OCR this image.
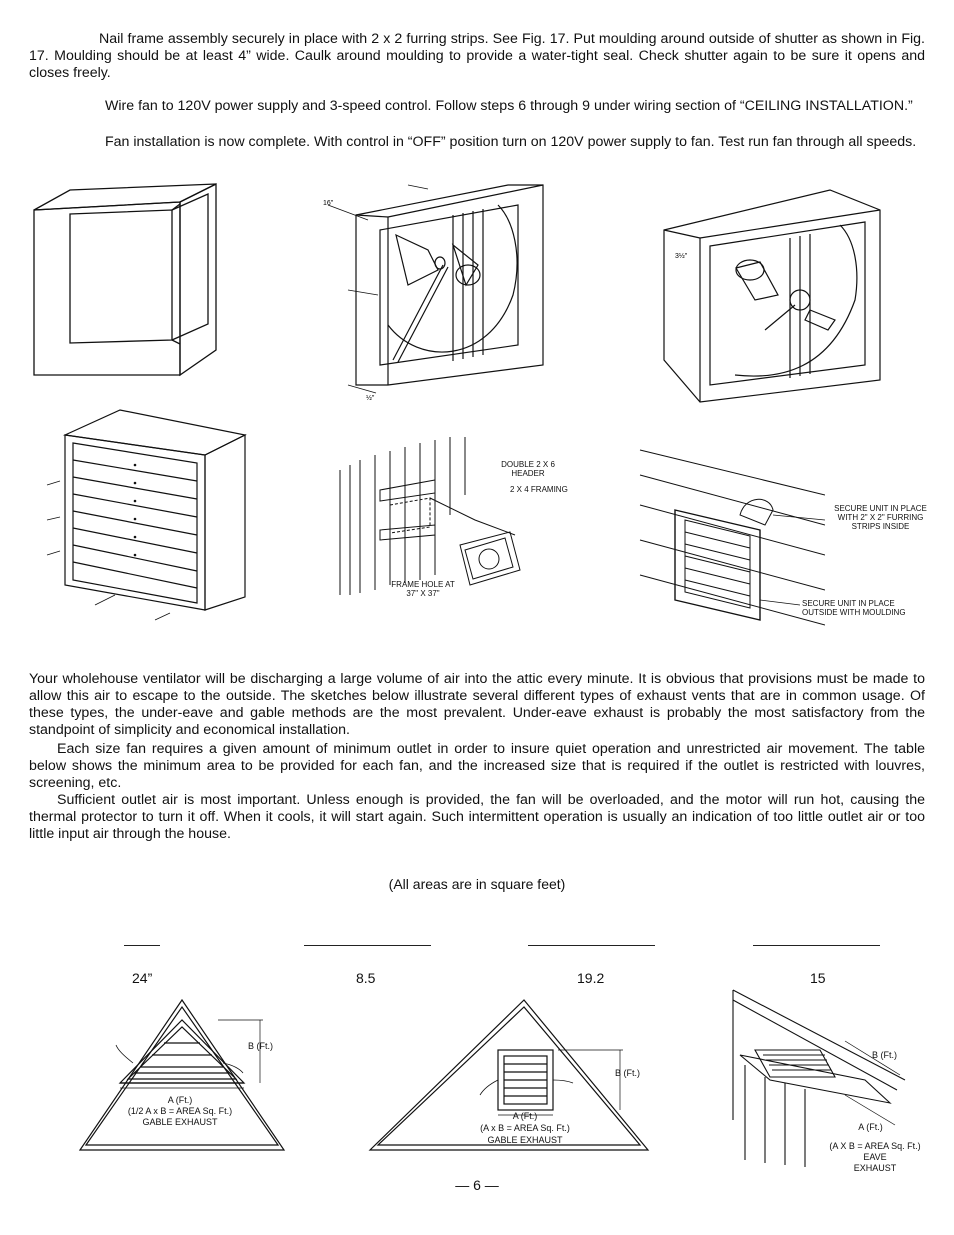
Nail frame assembly securely in place with 2 x 2 furring strips. See Fig. 17. Put moulding around outside of shutter as shown in Fig. 17. Moulding should be at least 4” wide. Caulk around moulding to provide a water-tight seal. Check shutter again to be sure it opens and closes freely.
Wire fan to 120V power supply and 3-speed control. Follow steps 6 through 9 under wiring section of “CEILING INSTALLATION.”
Fan installation is now complete. With control in “OFF” position turn on 120V power supply to fan. Test run fan through all speeds.
16"
½"
3½"
DOUBLE 2 X 6 HEADER
2 X 4 FRAMING
FRAME HOLE AT 37" X 37"
SECURE UNIT IN PLACE WITH 2" X 2" FURRING STRIPS INSIDE
SECURE UNIT IN PLACE OUTSIDE WITH MOULDING
Your wholehouse ventilator will be discharging a large volume of air into the attic every minute. It is obvious that provisions must be made to allow this air to escape to the outside. The sketches below illustrate several different types of exhaust vents that are in common usage. Of these types, the under-eave and gable methods are the most prevalent. Under-eave exhaust is probably the most satisfactory from the standpoint of simplicity and economical installation.
Each size fan requires a given amount of minimum outlet in order to insure quiet operation and unrestricted air movement. The table below shows the minimum area to be provided for each fan, and the increased size that is required if the outlet is restricted with louvres, screening, etc.
Sufficient outlet air is most important. Unless enough is provided, the fan will be overloaded, and the motor will run hot, causing the thermal protector to turn it off. When it cools, it will start again. Such intermittent operation is usually an indication of too little outlet air or too little input air through the house.
(All areas are in square feet)
24”	8.5	19.2	15
B (Ft.)
A (Ft.)
(1/2 A x B = AREA Sq. Ft.)
GABLE EXHAUST
B (Ft.)
A (Ft.)
(A x B = AREA Sq. Ft.)
GABLE EXHAUST
B (Ft.)
A (Ft.)
(A X B = AREA Sq. Ft.)
EAVE
EXHAUST
— 6 —
